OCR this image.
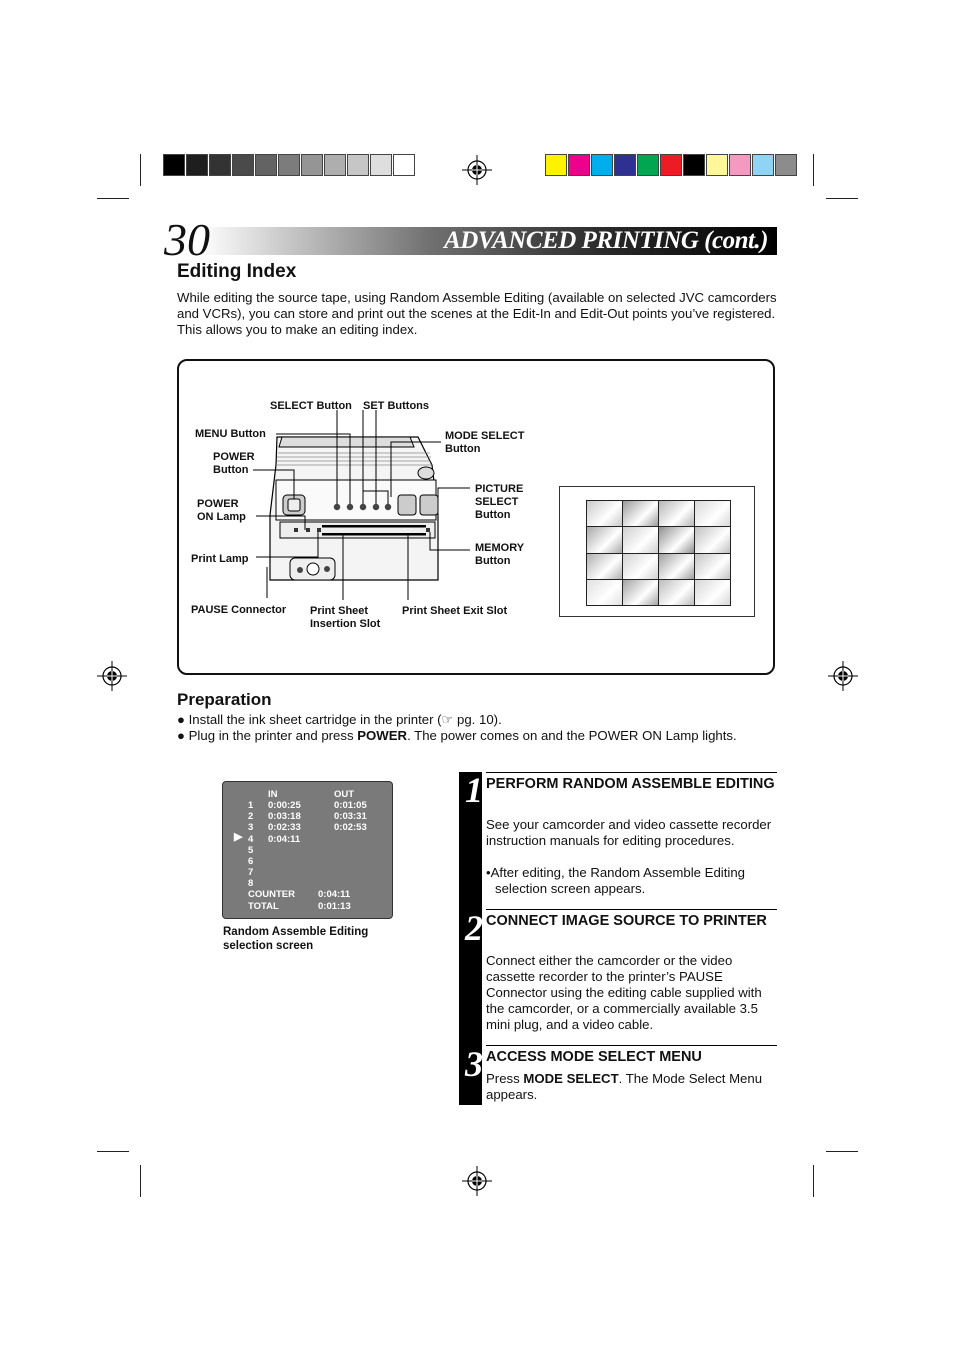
30	ADVANCED PRINTING (cont.)
Editing Index
While editing the source tape, using Random Assemble Editing (available on selected JVC camcorders and VCRs), you can store and print out the scenes at the Edit-In and Edit-Out points you’ve registered. This allows you to make an editing index.
SELECT Button SET Buttons
MENU Button	MODE SELECT
Button
POWER
Button
PICTURE
SELECT
Button
POWER
ON Lamp
MEMORY
Button
Print Lamp
PAUSE Connector Print Sheet
Insertion Slot
Print Sheet Exit Slot
Preparation
● Install the ink sheet cartridge in the printer (☞ pg. 10).
● Plug in the printer and press POWER. The power comes on and the POWER ON Lamp lights.
IN	OUT
1 0:00:25	0:01:05
2 0:03:18	0:03:31
3 0:02:33	0:02:53
4 0:04:11
5
6
7
8
▶
COUNTER 0:04:11
TOTAL	0:01:13
Random Assemble Editing
selection screen
1
2
3
PERFORM RANDOM ASSEMBLE EDITING
See your camcorder and video cassette recorder instruction manuals for editing procedures.
•After editing, the Random Assemble Editing selection screen appears.
CONNECT IMAGE SOURCE TO PRINTER
Connect either the camcorder or the video cassette recorder to the printer’s PAUSE Connector using the editing cable supplied with the camcorder, or a commercially available 3.5 mini plug, and a video cable.
ACCESS MODE SELECT MENU
Press MODE SELECT. The Mode Select Menu appears.
